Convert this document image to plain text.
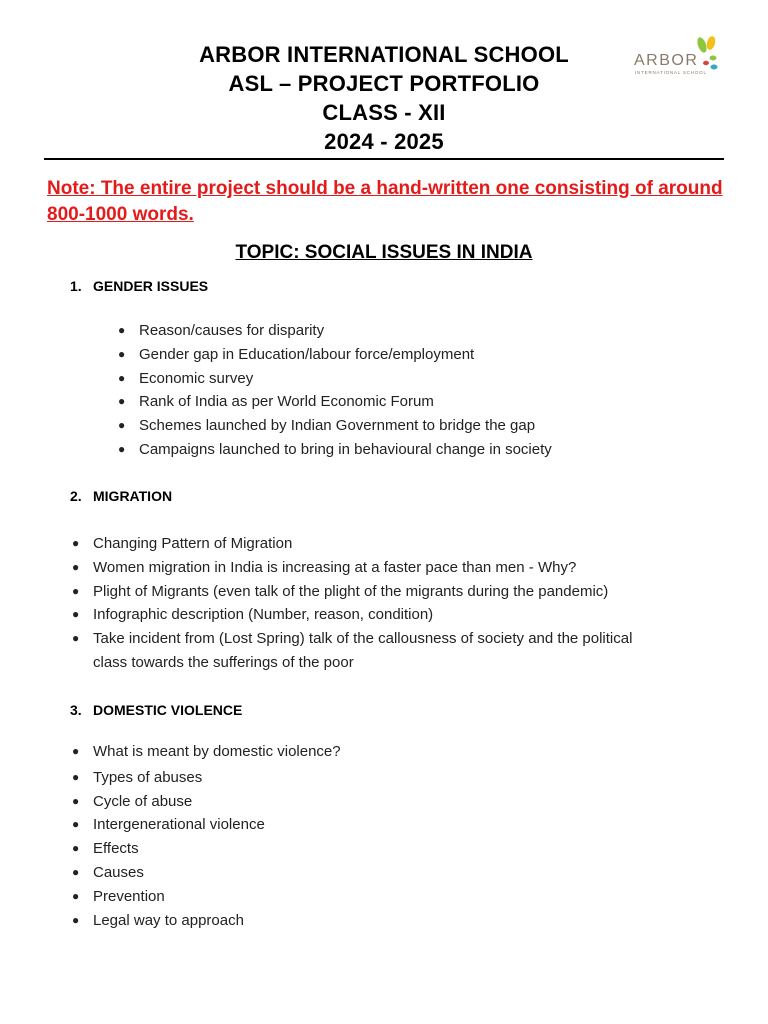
ARBOR INTERNATIONAL SCHOOL
ASL – PROJECT PORTFOLIO
CLASS - XII
2024 - 2025
ARBOR
INTERNATIONAL SCHOOL
Note: The entire project should be a hand-written one consisting of around 800-1000 words.
TOPIC: SOCIAL ISSUES IN INDIA
1. GENDER ISSUES
● Reason/causes for disparity
● Gender gap in Education/labour force/employment
● Economic survey
● Rank of India as per World Economic Forum
● Schemes launched by Indian Government to bridge the gap
● Campaigns launched to bring in behavioural change in society
2. MIGRATION
● Changing Pattern of Migration
● Women migration in India is increasing at a faster pace than men - Why?
● Plight of Migrants (even talk of the plight of the migrants during the pandemic)
● Infographic description (Number, reason, condition)
● Take incident from (Lost Spring) talk of the callousness of society and the political class towards the sufferings of the poor
3. DOMESTIC VIOLENCE
● What is meant by domestic violence?
● Types of abuses
● Cycle of abuse
● Intergenerational violence
● Effects
● Causes
● Prevention
● Legal way to approach
